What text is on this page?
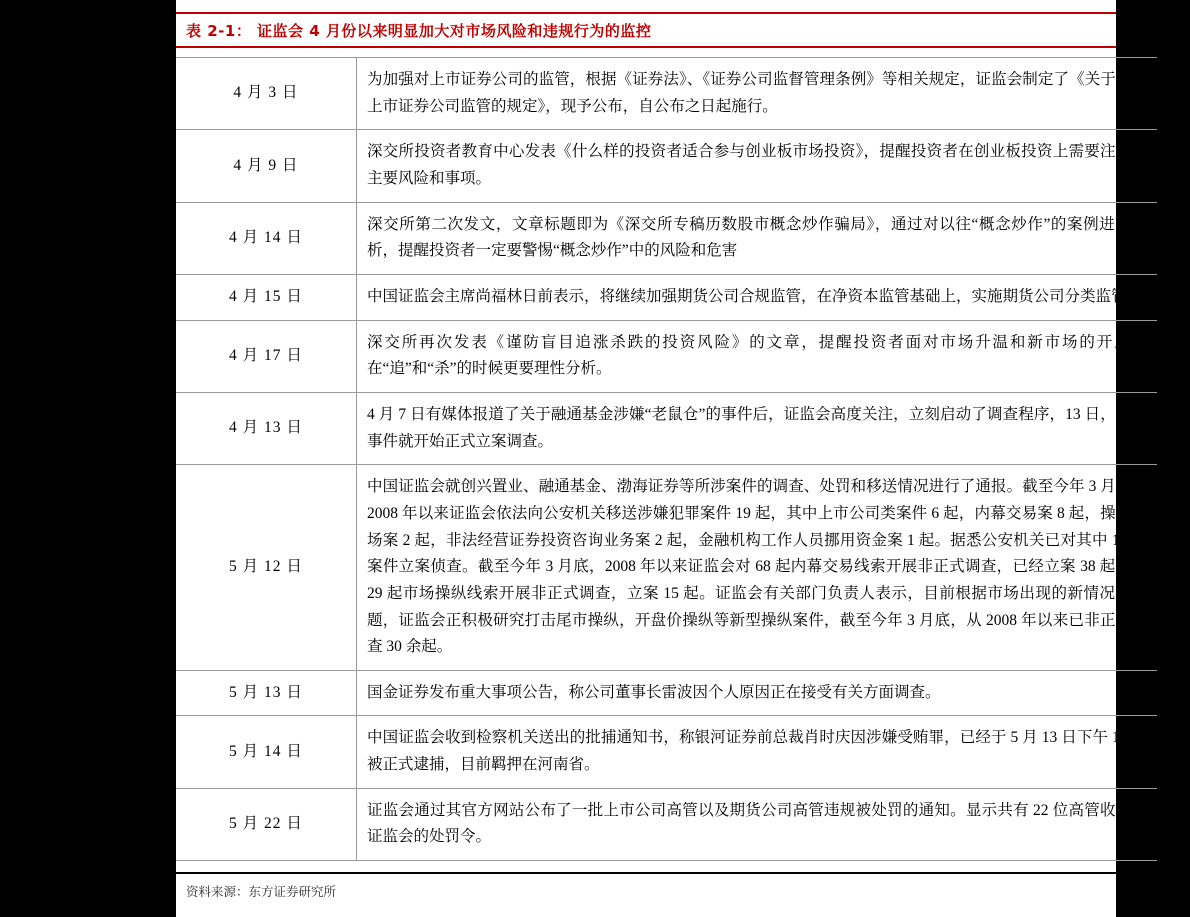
表 2-1： 证监会 4 月份以来明显加大对市场风险和违规行为的监控
4 月 3 日	为加强对上市证券公司的监管，根据《证券法》、《证券公司监督管理条例》等相关规定，证监会制定了《关于加强上市证券公司监管的规定》，现予公布，自公布之日起施行。
4 月 9 日	深交所投资者教育中心发表《什么样的投资者适合参与创业板市场投资》，提醒投资者在创业板投资上需要注意的主要风险和事项。
4 月 14 日	深交所第二次发文，文章标题即为《深交所专稿历数股市概念炒作骗局》，通过对以往“概念炒作”的案例进行分析，提醒投资者一定要警惕“概念炒作”中的风险和危害
4 月 15 日	中国证监会主席尚福林日前表示，将继续加强期货公司合规监管，在净资本监管基础上，实施期货公司分类监管。
4 月 17 日	深交所再次发表《谨防盲目追涨杀跌的投资风险》的文章，提醒投资者面对市场升温和新市场的开启，在“追”和“杀”的时候更要理性分析。
4 月 13 日	4 月 7 日有媒体报道了关于融通基金涉嫌“老鼠仓”的事件后，证监会高度关注，立刻启动了调查程序，13 日，对此事件就开始正式立案调查。
5 月 12 日	中国证监会就创兴置业、融通基金、渤海证券等所涉案件的调查、处罚和移送情况进行了通报。截至今年 3 月底，2008 年以来证监会依法向公安机关移送涉嫌犯罪案件 19 起，其中上市公司类案件 6 起，内幕交易案 8 起，操纵市场案 2 起，非法经营证券投资咨询业务案 2 起，金融机构工作人员挪用资金案 1 起。据悉公安机关已对其中 15 起案件立案侦查。截至今年 3 月底，2008 年以来证监会对 68 起内幕交易线索开展非正式调查，已经立案 38 起；对 29 起市场操纵线索开展非正式调查，立案 15 起。证监会有关部门负责人表示，目前根据市场出现的新情况新问题，证监会正积极研究打击尾市操纵，开盘价操纵等新型操纵案件，截至今年 3 月底，从 2008 年以来已非正式调查 30 余起。
5 月 13 日	国金证券发布重大事项公告，称公司董事长雷波因个人原因正在接受有关方面调查。
5 月 14 日	中国证监会收到检察机关送出的批捕通知书，称银河证券前总裁肖时庆因涉嫌受贿罪，已经于 5 月 13 日下午 17 时被正式逮捕，目前羁押在河南省。
5 月 22 日	证监会通过其官方网站公布了一批上市公司高管以及期货公司高管违规被处罚的通知。显示共有 22 位高管收到了证监会的处罚令。
资料来源：东方证券研究所
